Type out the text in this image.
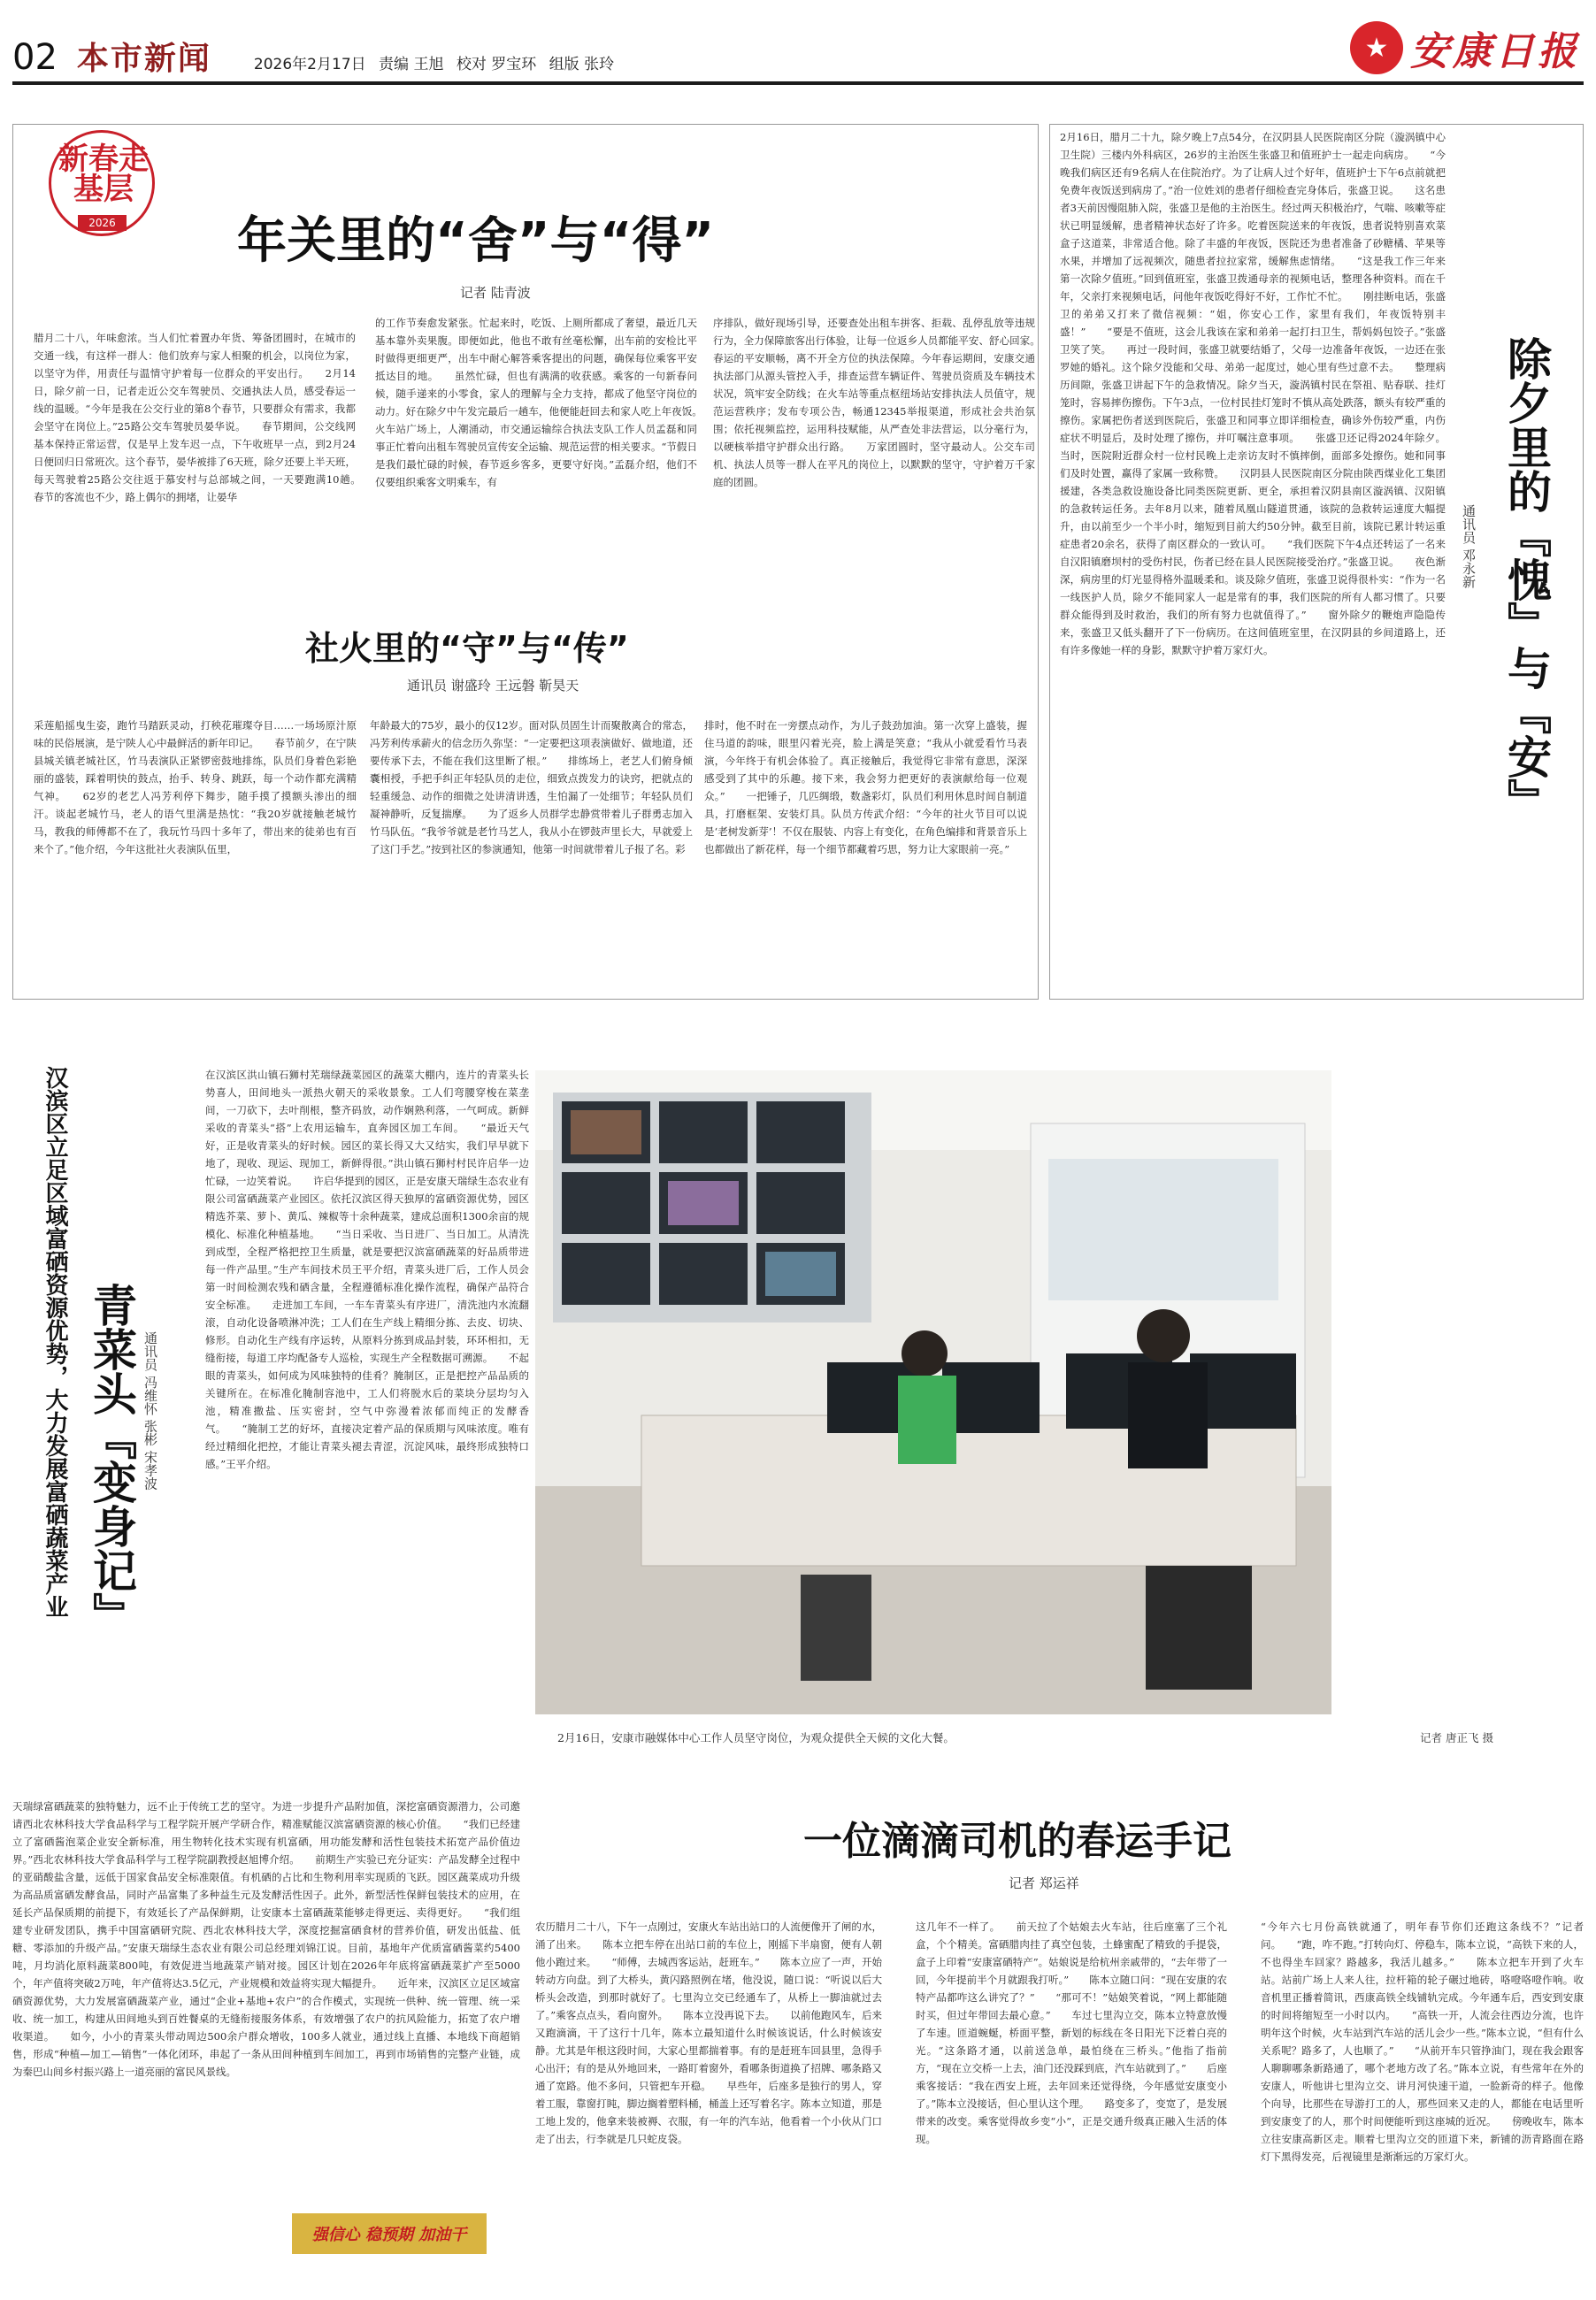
02 本市新闻	2026年2月17日 责编 王旭 校对 罗宝环 组版 张玲
★ 安康日报
新春走基层
2026 年关里的“舍”与“得”
记者 陆青波
腊月二十八，年味愈浓。当人们忙着置办年货、筹备团圆时，在城市的交通一线，有这样一群人：他们放弃与家人相聚的机会，以岗位为家，以坚守为伴，用责任与温情守护着每一位群众的平安出行。　　2月14日，除夕前一日，记者走近公交车驾驶员、交通执法人员，感受春运一线的温暖。“今年是我在公交行业的第8个春节，只要群众有需求，我都会坚守在岗位上。”25路公交车驾驶员晏华说。　　春节期间，公交线网基本保持正常运营，仅是早上发车迟一点，下午收班早一点，到2月24日便回归日常班次。这个春节，晏华被排了6天班，除夕还要上半天班，每天驾驶着25路公交往返于慕安村与总部城之间，一天要跑满10趟。　　春节的客流也不少，路上偶尔的拥堵，让晏华
的工作节奏愈发紧张。忙起来时，吃饭、上厕所都成了奢望，最近几天基本靠外卖果腹。即便如此，他也不敢有丝毫松懈，出车前的安检比平时做得更细更严，出车中耐心解答乘客提出的问题，确保每位乘客平安抵达目的地。　　虽然忙碌，但也有满满的收获感。乘客的一句新春问候，随手递来的小零食，家人的理解与全力支持，都成了他坚守岗位的动力。好在除夕中午发完最后一趟车，他便能赶回去和家人吃上年夜饭。　　火车站广场上，人潮涌动，市交通运输综合执法支队工作人员孟磊和同事正忙着向出租车驾驶员宣传安全运输、规范运营的相关要求。“节假日是我们最忙碌的时候，春节返乡客多，更要守好岗。”孟磊介绍，他们不仅要组织乘客文明乘车，有
序排队，做好现场引导，还要查处出租车拼客、拒载、乱停乱放等违规行为，全力保障旅客出行体验，让每一位返乡人员都能平安、舒心回家。　　春运的平安顺畅，离不开全方位的执法保障。今年春运期间，安康交通执法部门从源头管控入手，排查运营车辆证件、驾驶员资质及车辆技术状况，筑牢安全防线；在火车站等重点枢纽场站安排执法人员值守，规范运营秩序；发布专项公告，畅通12345举报渠道，形成社会共治氛围；依托视频监控，运用科技赋能，从严查处非法营运，以分毫行为，以硬核举措守护群众出行路。　　万家团圆时，坚守最动人。公交车司机、执法人员等一群人在平凡的岗位上，以默默的坚守，守护着万千家庭的团圆。
社火里的“守”与“传”
通讯员 谢盛玲 王远磐 靳昊天
采莲船摇曳生姿，跑竹马踏跃灵动，打秧花璀璨夺目……一场场原汁原味的民俗展演，是宁陕人心中最鲜活的新年印记。　　春节前夕，在宁陕县城关镇老城社区，竹马表演队正紧锣密鼓地排练，队员们身着色彩艳丽的盛装，踩着明快的鼓点，抬手、转身、跳跃，每一个动作都充满精气神。　　62岁的老艺人冯芳利停下舞步，随手摸了摸额头渗出的细汗。谈起老城竹马，老人的语气里满是热忱：“我20岁就接触老城竹马，教我的师傅都不在了，我玩竹马四十多年了，带出来的徒弟也有百来个了。”他介绍，今年这批社火表演队伍里，
年龄最大的75岁，最小的仅12岁。面对队员固生计而聚散离合的常态，冯芳利传承薪火的信念历久弥坚：“一定要把这项表演做好、做地道，还要传承下去，不能在我们这里断了根。”　　排练场上，老艺人们俯身倾囊相授，手把手纠正年轻队员的走位，细致点拨发力的诀窍，把就点的轻重缓急、动作的细微之处讲清讲透，生怕漏了一处细节；年轻队员们凝神静听，反复揣摩。　　为了返乡人员群学忠静赏带着儿子群勇志加入竹马队伍。“我爷爷就是老竹马艺人，我从小在锣鼓声里长大，早就爱上了这门手艺。”按到社区的参演通知，他第一时间就带着儿子报了名。彩
排时，他不时在一旁摆点动作，为儿子鼓劲加油。第一次穿上盛装，握住马道的韵味，眼里闪着光亮，脸上满是笑意；“我从小就爱看竹马表演，今年终于有机会体验了。真正接触后，我觉得它非常有意思，深深感受到了其中的乐趣。接下来，我会努力把更好的表演献给每一位观众。”　　一把锤子，几匹绸缎，数盏彩灯，队员们利用休息时间自制道具，打磨框架、安装灯具。队员方传武介绍：“今年的社火节目可以说是‘老树发新芽’！不仅在服装、内容上有变化，在角色编排和背景音乐上也都做出了新花样，每一个细节都藏着巧思，努力让大家眼前一亮。”
2月16日，腊月二十九，除夕晚上7点54分，在汉阴县人民医院南区分院（漩涡镇中心卫生院）三楼内外科病区，26岁的主治医生张盛卫和值班护士一起走向病房。　　“今晚我们病区还有9名病人在住院治疗。为了让病人过个好年，值班护士下午6点前就把免费年夜饭送到病房了。”治一位姓刘的患者仔细检查完身体后，张盛卫说。　　这名患者3天前因慢阻肺入院，张盛卫是他的主治医生。经过两天积极治疗，气喘、咳嗽等症状已明显缓解，患者精神状态好了许多。吃着医院送来的年夜饭，患者说特别喜欢菜盒子这道菜，非常适合他。除了丰盛的年夜饭，医院还为患者准备了砂糖橘、苹果等水果，并增加了远视频次，随患者拉拉家常，缓解焦虑情绪。　　“这是我工作三年来第一次除夕值班。”回到值班室，张盛卫拨通母亲的视频电话，整理各种资料。而在千年，父亲打来视频电话，问他年夜饭吃得好不好，工作忙不忙。　　刚挂断电话，张盛卫的弟弟又打来了微信视频：“姐，你安心工作，家里有我们，年夜饭特别丰盛！”　　“要是不值班，这会儿我该在家和弟弟一起打扫卫生，帮妈妈包饺子。”张盛卫笑了笑。　　再过一段时间，张盛卫就要结婚了，父母一边准备年夜饭，一边还在张罗她的婚礼。这个除夕没能和父母、弟弟一起度过，她心里有些过意不去。　　整理病历间隙，张盛卫讲起下午的急救情况。除夕当天，漩涡镇村民在祭祖、贴春联、挂灯笼时，容易摔伤擦伤。下午3点，一位村民挂灯笼时不慎从高处跌落，额头有较严重的擦伤。家属把伤者送到医院后，张盛卫和同事立即详细检查，确诊外伤较严重，内伤症状不明显后，及时处理了擦伤，并叮嘱注意事项。　　张盛卫还记得2024年除夕。当时，医院附近群众村一位村民晚上走亲访友时不慎摔倒，面部多处擦伤。她和同事们及时处置，赢得了家属一致称赞。　　汉阴县人民医院南区分院由陕西煤业化工集团援建，各类急救设施设备比同类医院更新、更全，承担着汉阴县南区漩涡镇、汉阳镇的急救转运任务。去年8月以来，随着凤凰山隧道贯通，该院的急救转运速度大幅提升，由以前至少一个半小时，缩短到目前大约50分钟。截至目前，该院已累计转运重症患者20余名，获得了南区群众的一致认可。　　“我们医院下午4点还转运了一名来自汉阳镇磨坝村的受伤村民，伤者已经在县人民医院接受治疗。”张盛卫说。　　夜色渐深，病房里的灯光显得格外温暖柔和。谈及除夕值班，张盛卫说得很朴实：“作为一名一线医护人员，除夕不能同家人一起是常有的事，我们医院的所有人都习惯了。只要群众能得到及时救治，我们的所有努力也就值得了。”　　窗外除夕的鞭炮声隐隐传来，张盛卫又低头翻开了下一份病历。在这间值班室里，在汉阴县的乡间道路上，还有许多像她一样的身影，默默守护着万家灯火。	除夕里的『愧』与『安』
通讯员 邓永新
汉滨区立足区域富硒资源优势，大力发展富硒蔬菜产业 青菜头『变身记』 通讯员 冯维怀 张彬 宋孝波
在汉滨区洪山镇石狮村芜瑞绿蔬菜园区的蔬菜大棚内，连片的青菜头长势喜人，田间地头一派热火朝天的采收景象。工人们弯腰穿梭在菜垄间，一刀砍下，去叶削根，整齐码放，动作娴熟利落，一气呵成。新鲜采收的青菜头“搭”上农用运输车，直奔园区加工车间。　　“最近天气好，正是收青菜头的好时候。园区的菜长得又大又结实，我们早早就下地了，现收、现运、现加工，新鲜得很。”洪山镇石狮村村民许启华一边忙碌，一边笑着说。　　许启华提到的园区，正是安康天瑞绿生态农业有限公司富硒蔬菜产业园区。依托汉滨区得天独厚的富硒资源优势，园区精选芥菜、萝卜、黄瓜、辣椒等十余种蔬菜，建成总面积1300余亩的规模化、标准化种植基地。　　“当日采收、当日进厂、当日加工。从清洗到成型，全程严格把控卫生质量，就是要把汉滨富硒蔬菜的好品质带进每一件产品里。”生产车间技术员王平介绍，青菜头进厂后，工作人员会第一时间检测农残和硒含量，全程遵循标准化操作流程，确保产品符合安全标准。　　走进加工车间，一车车青菜头有序进厂，清洗池内水流翻滚，自动化设备喷淋冲洗；工人们在生产线上精细分拣、去皮、切块、修形。自动化生产线有序运转，从原料分拣到成品封装，环环相扣，无缝衔接，每道工序均配备专人巡检，实现生产全程数据可溯源。　　不起眼的青菜头，如何成为风味独特的佳肴？腌制区，正是把控产品品质的关键所在。在标准化腌制容池中，工人们将脱水后的菜块分层均匀入池，精准撒盐、压实密封，空气中弥漫着浓郁而纯正的发酵香气。　　“腌制工艺的好坏，直接决定着产品的保质期与风味浓度。唯有经过精细化把控，才能让青菜头褪去青涩，沉淀风味，最终形成独特口感。”王平介绍。
天瑞绿富硒蔬菜的独特魅力，远不止于传统工艺的坚守。为进一步提升产品附加值，深挖富硒资源潜力，公司邀请西北农林科技大学食品科学与工程学院开展产学研合作，精准赋能汉滨富硒资源的核心价值。　　“我们已经建立了富硒酱泡菜企业安全新标准，用生物转化技术实现有机富硒，用功能发酵和活性包装技术拓宽产品价值边界。”西北农林科技大学食品科学与工程学院副教授赵旭博介绍。　　前期生产实验已充分证实：产品发酵全过程中的亚硝酸盐含量，远低于国家食品安全标准限值。有机硒的占比和生物利用率实现质的飞跃。园区蔬菜成功升级为高品质富硒发酵食品，同时产品富集了多种益生元及发酵活性因子。此外，新型活性保鲜包装技术的应用，在延长产品保质期的前提下，有效延长了产品保鲜期，让安康本土富硒蔬菜能够走得更远、卖得更好。　　“我们组建专业研发团队，携手中国富硒研究院、西北农林科技大学，深度挖掘富硒食材的营养价值，研发出低盐、低糖、零添加的升级产品。”安康天瑞绿生态农业有限公司总经理刘锦江说。目前，基地年产优质富硒酱菜约5400吨，月均消化原料蔬菜800吨，有效促进当地蔬菜产销对接。园区计划在2026年年底将富硒蔬菜扩产至5000个，年产值将突破2万吨，年产值将达3.5亿元，产业规模和效益将实现大幅提升。　　近年来，汉滨区立足区域富硒资源优势，大力发展富硒蔬菜产业，通过“企业+基地+农户”的合作模式，实现统一供种、统一管理、统一采收、统一加工，构建从田间地头到百姓餐桌的无缝衔接服务体系，有效增强了农户的抗风险能力，拓宽了农户增收渠道。　　如今，小小的青菜头带动周边500余户群众增收，100多人就业，通过线上直播、本地线下商超销售，形成“种植—加工—销售”一体化闭环，串起了一条从田间种植到车间加工，再到市场销售的完整产业链，成为秦巴山间乡村振兴路上一道亮丽的富民风景线。
强信心 稳预期 加油干
2月16日，安康市融媒体中心工作人员坚守岗位，为观众提供全天候的文化大餐。	记者 唐正飞 摄
一位滴滴司机的春运手记
记者 郑运祥
农历腊月二十八，下午一点刚过，安康火车站出站口的人流便像开了闸的水，涌了出来。　　陈本立把车停在出站口前的车位上，刚摇下半扇窗，便有人朝他小跑过来。　　“师傅，去城西客运站，赶班车。”　　陈本立应了一声，开始转动方向盘。到了大桥头，黄闪路照例在堵，他没说，随口说：“听说以后大桥头会改造，到那时就好了。七里沟立交已经通车了，从桥上一脚油就过去了。”乘客点点头，看向窗外。　　陈本立没再说下去。　　以前他跑风车，后来又跑滴滴，干了这行十几年，陈本立最知道什么时候该说话，什么时候该安静。尤其是年根这段时间，大家心里都揣着事。有的是赶班车回县里，急得手心出汗；有的是从外地回来，一路盯着窗外，看哪条街道换了招牌、哪条路又通了宽路。他不多问，只管把车开稳。　　早些年，后座多是独行的男人，穿着工服，靠窗打盹，脚边搁着塑料桶，桶盖上还写着名字。陈本立知道，那是工地上发的，他拿来装被褥、衣服，有一年的汽车站，他看着一个小伙从门口走了出去，行李就是几只蛇皮袋。
这几年不一样了。　　前天拉了个姑娘去火车站，往后座塞了三个礼盒，个个精美。富硒腊肉挂了真空包装，土蜂蜜配了精致的手提袋，盒子上印着“安康富硒特产”。姑娘说是给杭州亲戚带的，“去年带了一回，今年提前半个月就跟我打听。”　　陈本立随口问：“现在安康的农特产品都咋这么讲究了？”　　“那可不！”姑娘笑着说，“网上都能随时买，但过年带回去最心意。”　　车过七里沟立交，陈本立特意放慢了车速。匝道蜿蜒，桥面平整，新划的标线在冬日阳光下泛着白亮的光。“这条路才通，以前送急单，最怕绕在三桥头。”他指了指前方，“现在立交桥一上去，油门还没踩到底，汽车站就到了。”　　后座乘客接话：“我在西安上班，去年回来还觉得绕，今年感觉安康变小了。”陈本立没接话，但心里认这个理。　　路变多了，变宽了，是发展带来的改变。乘客觉得故乡变“小”，正是交通升级真正融入生活的体现。
“今年六七月份高铁就通了，明年春节你们还跑这条线不？”记者问。　　“跑，咋不跑。”打转向灯、停稳车，陈本立说，“高铁下来的人，不也得坐车回家？路越多，我活儿越多。”　　陈本立把车开到了火车站。站前广场上人来人往，拉杆箱的轮子碾过地砖，咯噔咯噔作响。收音机里正播着简讯，西康高铁全线铺轨完成。今年通车后，西安到安康的时间将缩短至一小时以内。　　“高铁一开，人流会往西边分流，也许明年这个时候，火车站到汽车站的活儿会少一些。”陈本立说，“但有什么关系呢？路多了，人也顺了。”　　“从前开车只管挣油门，现在我会跟客人聊聊哪条新路通了，哪个老地方改了名。”陈本立说，有些常年在外的安康人，听他讲七里沟立交、讲月河快速干道，一脸新奇的样子。他像个向导，比那些在导游打工的人，那些回来又走的人，都能在电话里听到安康变了的人，那个时间便能听到这座城的近况。　　傍晚收车，陈本立往安康高新区走。顺着七里沟立交的匝道下来，新铺的沥青路面在路灯下黑得发亮，后视镜里是渐渐远的万家灯火。
